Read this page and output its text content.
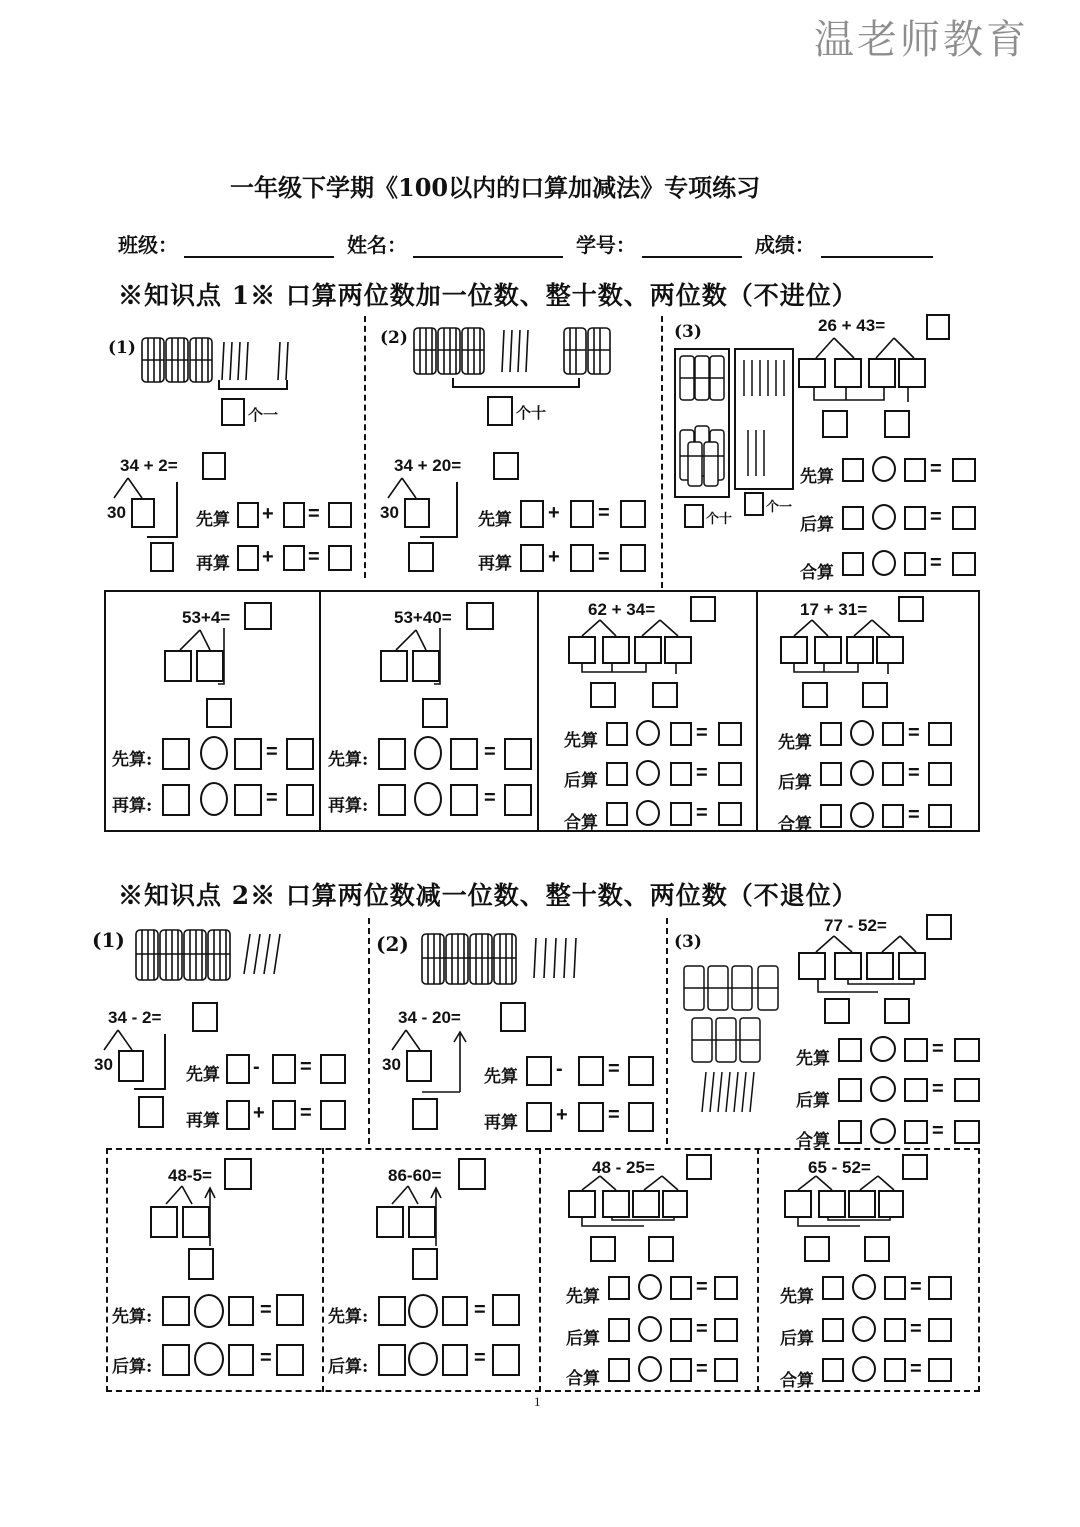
温老师教育
一年级下学期《100以内的口算加减法》专项练习
班级：	姓名：	学号：	成绩：
※知识点 1※ 口算两位数加一位数、整十数、两位数（不进位）
(1)
个一
34 + 2=
30	先算 + =
再算 + =
(2)
个十
34 + 20=
30	先算 + =
再算 + =
(3)
个十
个一
26 + 43=
先算	=
后算	=
合算	=
53+4=
先算:	=
再算:	=
53+40=
先算:	=
再算:	=
62 + 34=
先算	=
后算	=
合算	=
17 + 31=
先算	=
后算	=
合算	=
※知识点 2※ 口算两位数减一位数、整十数、两位数（不退位）
(1)
34 - 2=
30
先算 - =
再算 + =
(2)
34 - 20=
30
先算 - =
再算 + =
(3)
77 - 52=
先算	=
后算
=
合算	=
48-5=
先算:	=
后算:	=
86-60=
先算:	=
后算:	=
48 - 25=
先算	=
后算	=
合算	=
65 - 52=
先算	=
后算	=
合算
=
1
